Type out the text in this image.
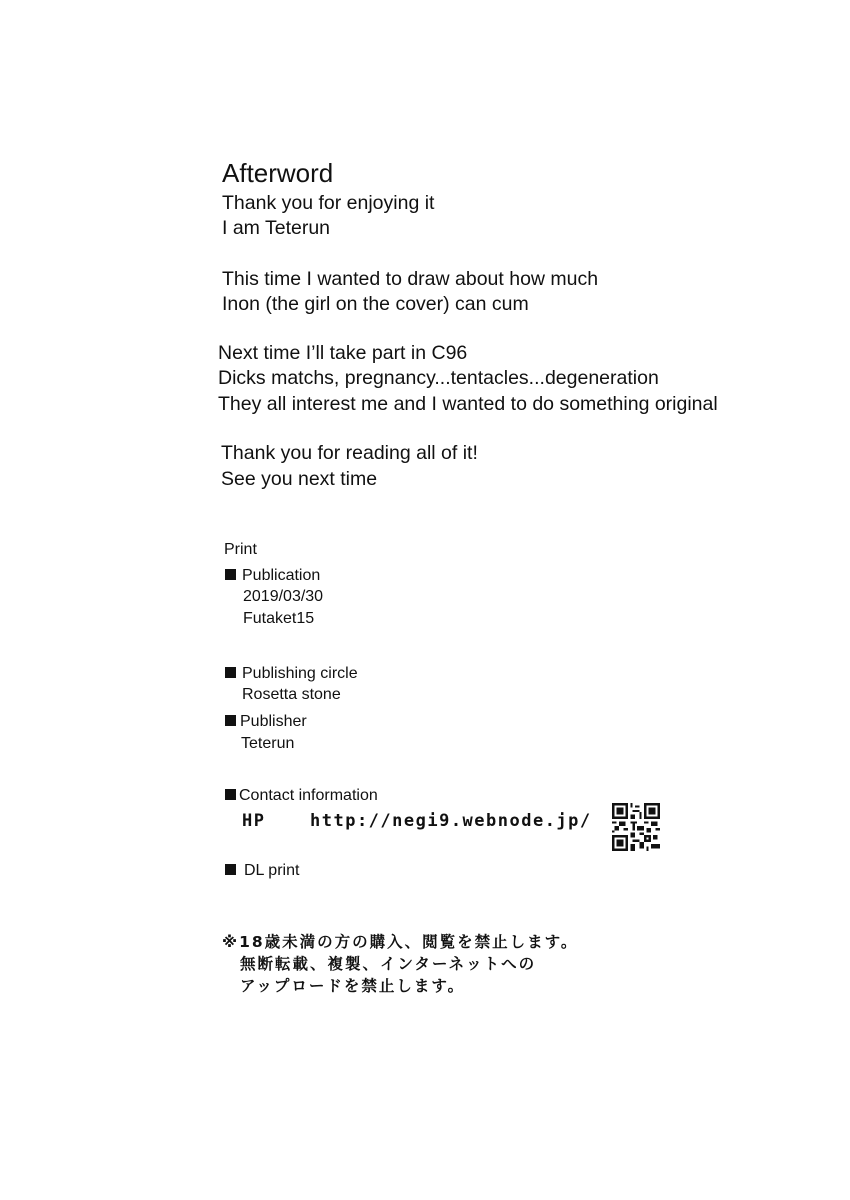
Afterword
Thank you for enjoying it
I am Teterun
This time I wanted to draw about how much
Inon (the girl on the cover) can cum
Next time I’ll take part in C96
Dicks matchs, pregnancy...tentacles...degeneration
They all interest me and I wanted to do something original
Thank you for reading all of it!
See you next time
Print
Publication
2019/03/30
Futaket15
Publishing circle
Rosetta stone
Publisher
Teterun
Contact information
HP	http://negi9.webnode.jp/
DL print
※18歳未満の方の購入、閲覧を禁止します。
無断転載、複製、インターネットへの
アップロードを禁止します。
